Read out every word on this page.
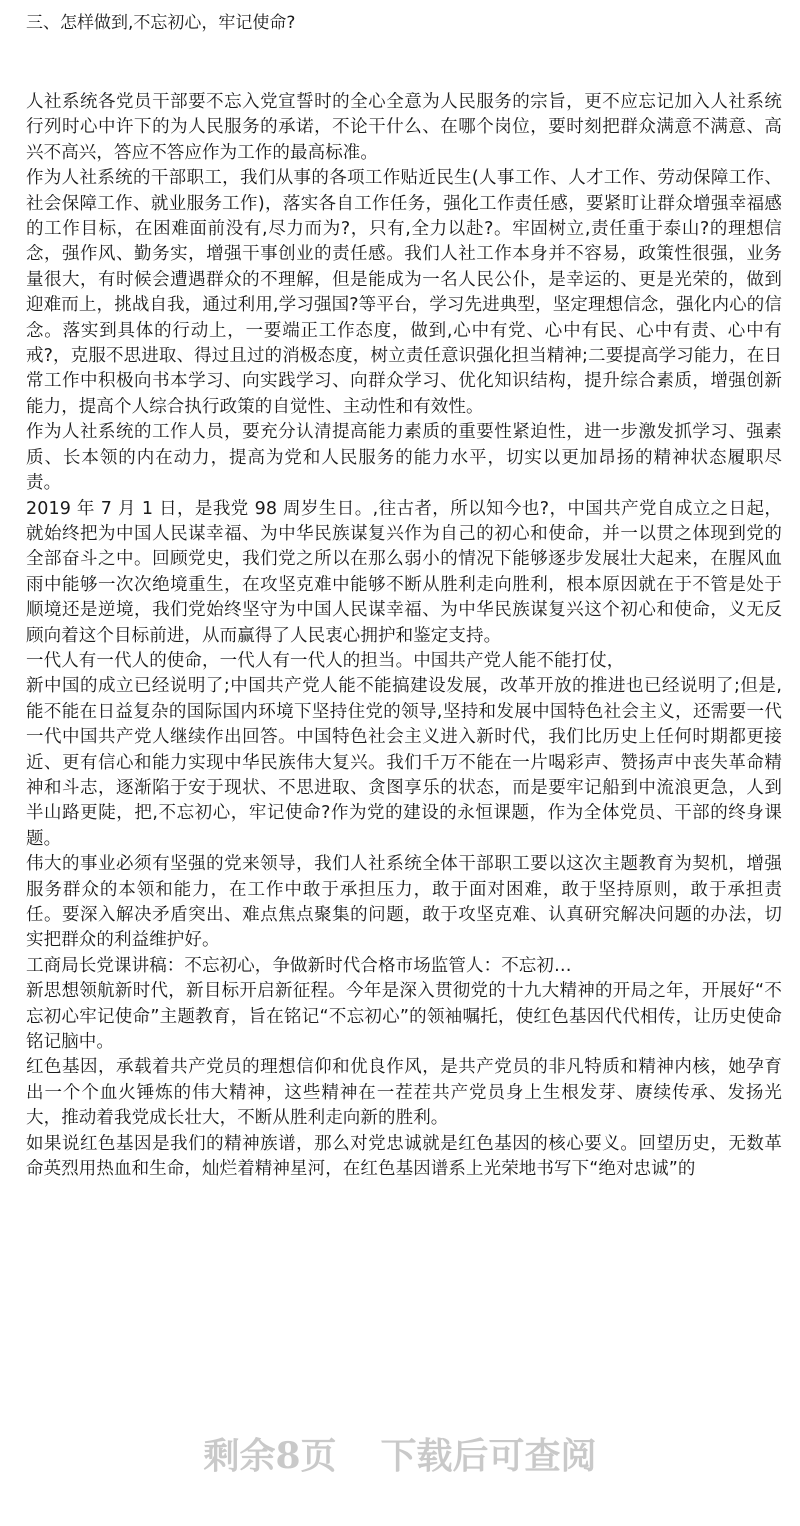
三、怎样做到,不忘初心，牢记使命?

人社系统各党员干部要不忘入党宣誓时的全心全意为人民服务的宗旨，更不应忘记加入人社系统行列时心中许下的为人民服务的承诺，不论干什么、在哪个岗位，要时刻把群众满意不满意、高兴不高兴，答应不答应作为工作的最高标准。

作为人社系统的干部职工，我们从事的各项工作贴近民生(人事工作、人才工作、劳动保障工作、社会保障工作、就业服务工作)，落实各自工作任务，强化工作责任感，要紧盯让群众增强幸福感的工作目标，在困难面前没有,尽力而为?，只有,全力以赴?。牢固树立,责任重于泰山?的理想信念，强作风、勤务实，增强干事创业的责任感。我们人社工作本身并不容易，政策性很强，业务量很大，有时候会遭遇群众的不理解，但是能成为一名人民公仆，是幸运的、更是光荣的，做到迎难而上，挑战自我，通过利用,学习强国?等平台，学习先进典型，坚定理想信念，强化内心的信念。落实到具体的行动上，一要端正工作态度，做到,心中有党、心中有民、心中有责、心中有戒?，克服不思进取、得过且过的消极态度，树立责任意识强化担当精神;二要提高学习能力，在日常工作中积极向书本学习、向实践学习、向群众学习、优化知识结构，提升综合素质，增强创新能力，提高个人综合执行政策的自觉性、主动性和有效性。

作为人社系统的工作人员，要充分认清提高能力素质的重要性紧迫性，进一步激发抓学习、强素质、长本领的内在动力，提高为党和人民服务的能力水平，切实以更加昂扬的精神状态履职尽责。

2019 年 7 月 1 日，是我党 98 周岁生日。,往古者，所以知今也?，中国共产党自成立之日起，就始终把为中国人民谋幸福、为中华民族谋复兴作为自己的初心和使命，并一以贯之体现到党的全部奋斗之中。回顾党史，我们党之所以在那么弱小的情况下能够逐步发展壮大起来，在腥风血雨中能够一次次绝境重生，在攻坚克难中能够不断从胜利走向胜利，根本原因就在于不管是处于顺境还是逆境，我们党始终坚守为中国人民谋幸福、为中华民族谋复兴这个初心和使命，义无反顾向着这个目标前进，从而赢得了人民衷心拥护和鉴定支持。

一代人有一代人的使命，一代人有一代人的担当。中国共产党人能不能打仗，

新中国的成立已经说明了;中国共产党人能不能搞建设发展，改革开放的推进也已经说明了;但是,能不能在日益复杂的国际国内环境下坚持住党的领导,坚持和发展中国特色社会主义，还需要一代一代中国共产党人继续作出回答。中国特色社会主义进入新时代，我们比历史上任何时期都更接近、更有信心和能力实现中华民族伟大复兴。我们千万不能在一片喝彩声、赞扬声中丧失革命精神和斗志，逐渐陷于安于现状、不思进取、贪图享乐的状态，而是要牢记船到中流浪更急，人到半山路更陡，把,不忘初心，牢记使命?作为党的建设的永恒课题，作为全体党员、干部的终身课题。

伟大的事业必须有坚强的党来领导，我们人社系统全体干部职工要以这次主题教育为契机，增强服务群众的本领和能力，在工作中敢于承担压力，敢于面对困难，敢于坚持原则，敢于承担责任。要深入解决矛盾突出、难点焦点聚集的问题，敢于攻坚克难、认真研究解决问题的办法，切实把群众的利益维护好。

工商局长党课讲稿：不忘初心，争做新时代合格市场监管人：不忘初…

新思想领航新时代，新目标开启新征程。今年是深入贯彻党的十九大精神的开局之年，开展好“不忘初心牢记使命”主题教育，旨在铭记“不忘初心”的领袖嘱托，使红色基因代代相传，让历史使命铭记脑中。

红色基因，承载着共产党员的理想信仰和优良作风，是共产党员的非凡特质和精神内核，她孕育出一个个血火锤炼的伟大精神，这些精神在一茬茬共产党员身上生根发芽、赓续传承、发扬光大，推动着我党成长壮大，不断从胜利走向新的胜利。

如果说红色基因是我们的精神族谱，那么对党忠诚就是红色基因的核心要义。回望历史，无数革命英烈用热血和生命，灿烂着精神星河，在红色基因谱系上光荣地书写下“绝对忠诚”的

剩余8页 下载后可查阅
